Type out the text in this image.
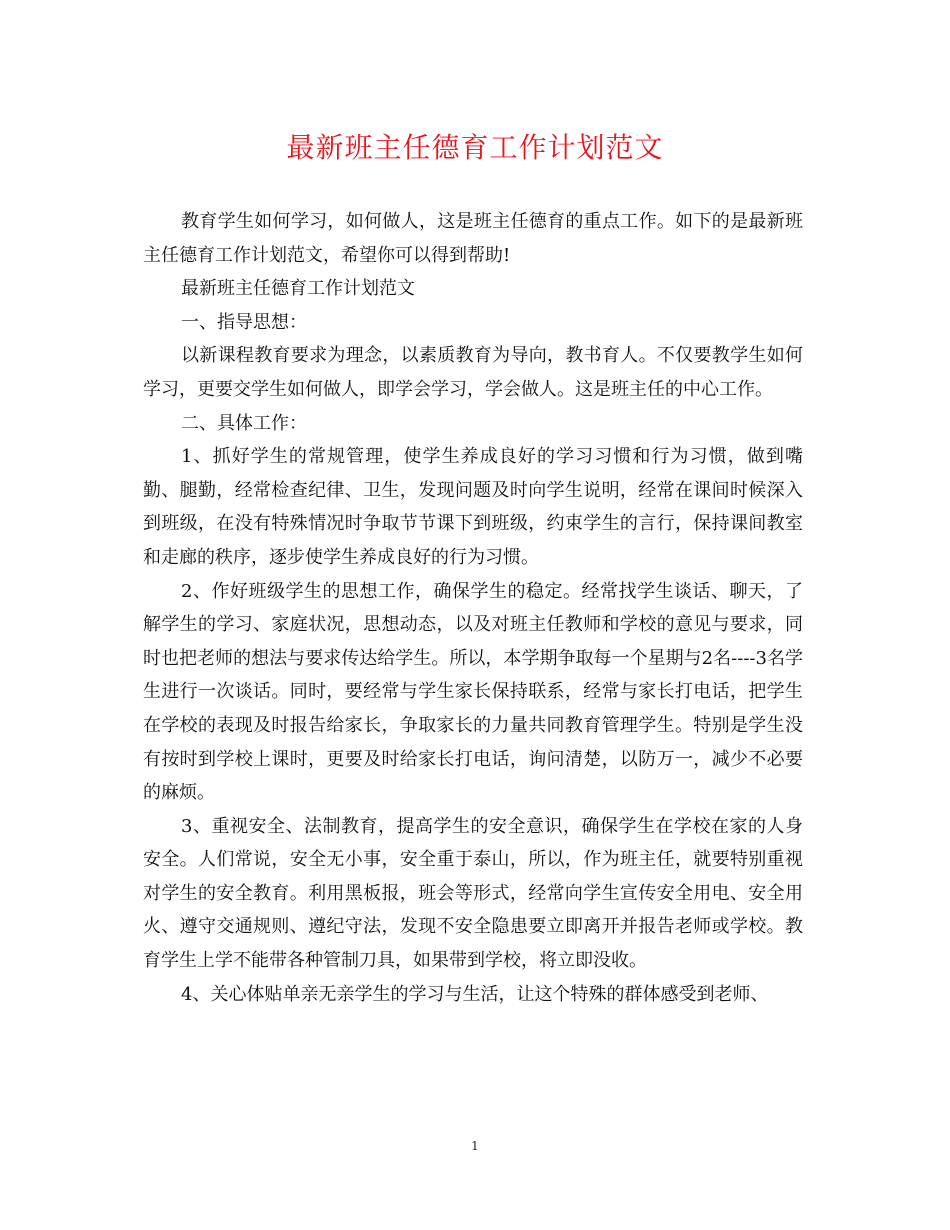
最新班主任德育工作计划范文

教育学生如何学习，如何做人，这是班主任德育的重点工作。如下的是最新班主任德育工作计划范文，希望你可以得到帮助!

最新班主任德育工作计划范文

一、指导思想：

以新课程教育要求为理念，以素质教育为导向，教书育人。不仅要教学生如何学习，更要交学生如何做人，即学会学习，学会做人。这是班主任的中心工作。

二、具体工作：

1、抓好学生的常规管理，使学生养成良好的学习习惯和行为习惯，做到嘴勤、腿勤，经常检查纪律、卫生，发现问题及时向学生说明，经常在课间时候深入到班级，在没有特殊情况时争取节节课下到班级，约束学生的言行，保持课间教室和走廊的秩序，逐步使学生养成良好的行为习惯。

2、作好班级学生的思想工作，确保学生的稳定。经常找学生谈话、聊天，了解学生的学习、家庭状况，思想动态，以及对班主任教师和学校的意见与要求，同时也把老师的想法与要求传达给学生。所以，本学期争取每一个星期与2名----3名学生进行一次谈话。同时，要经常与学生家长保持联系，经常与家长打电话，把学生在学校的表现及时报告给家长，争取家长的力量共同教育管理学生。特别是学生没有按时到学校上课时，更要及时给家长打电话，询问清楚，以防万一，减少不必要的麻烦。

3、重视安全、法制教育，提高学生的安全意识，确保学生在学校在家的人身安全。人们常说，安全无小事，安全重于泰山，所以，作为班主任，就要特别重视对学生的安全教育。利用黑板报，班会等形式，经常向学生宣传安全用电、安全用火、遵守交通规则、遵纪守法，发现不安全隐患要立即离开并报告老师或学校。教育学生上学不能带各种管制刀具，如果带到学校，将立即没收。

4、关心体贴单亲无亲学生的学习与生活，让这个特殊的群体感受到老师、

1
